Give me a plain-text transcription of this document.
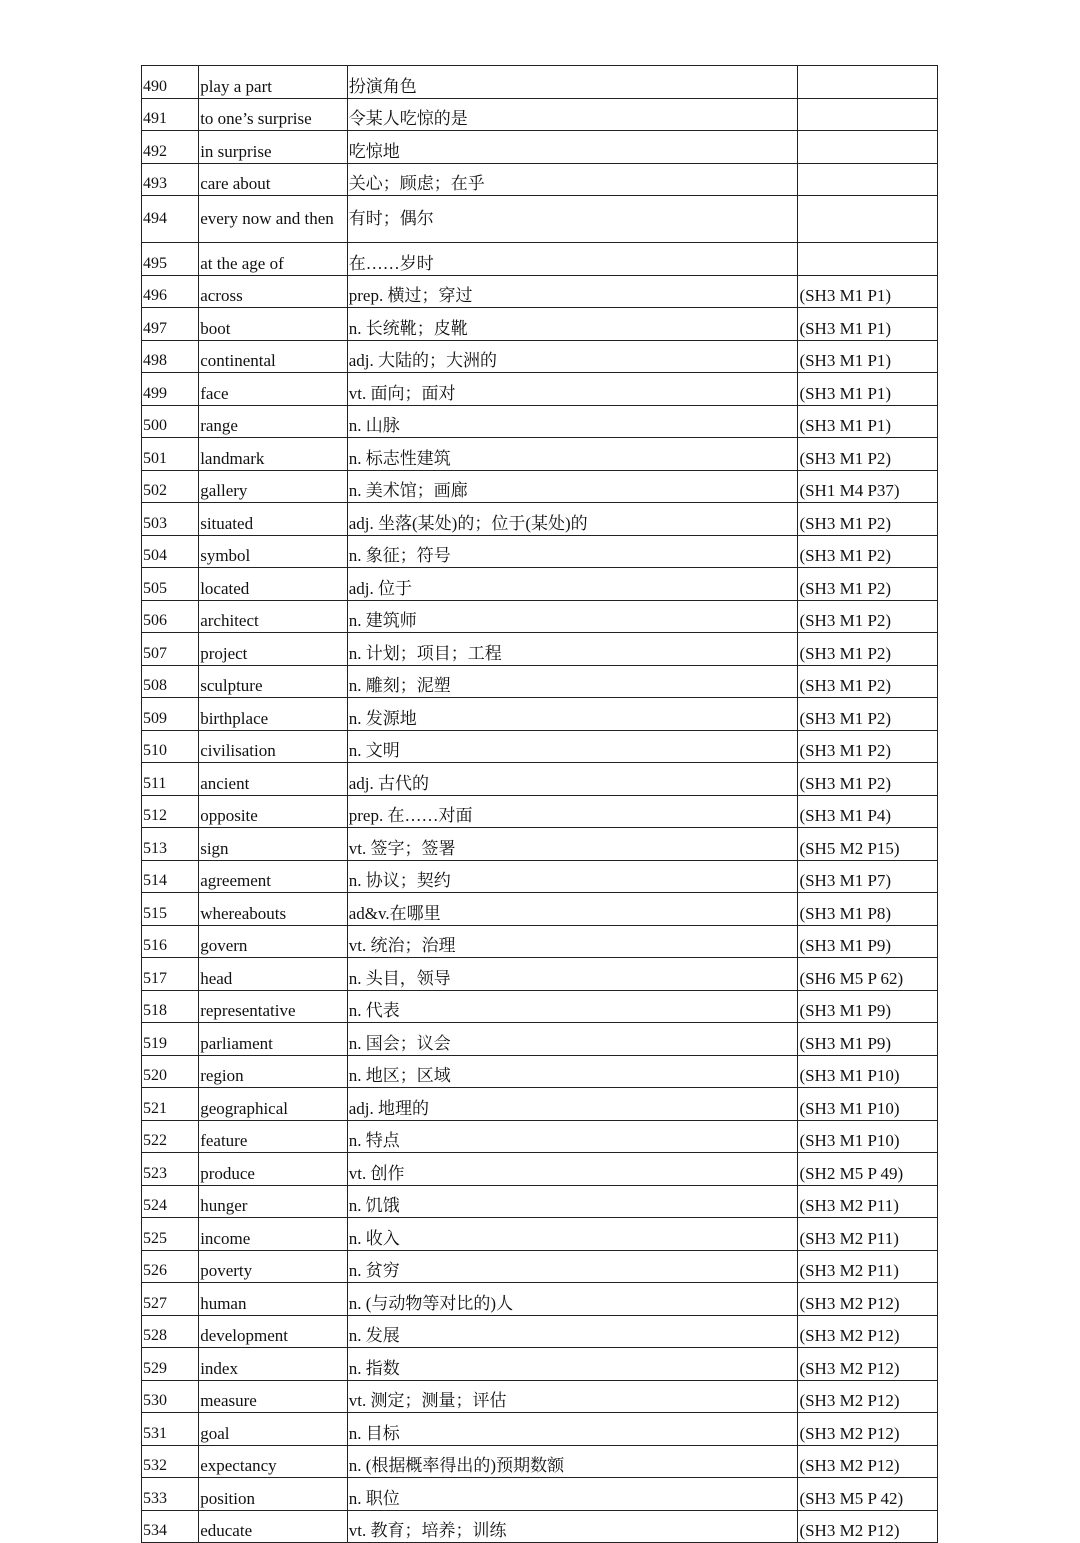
490	play a part	扮演角色	
491	to one’s surprise	令某人吃惊的是	
492	in surprise	吃惊地	
493	care about	关心；顾虑；在乎	
494	every now and then	有时；偶尔	
495	at the age of	在……岁时	
496	across	prep. 横过；穿过	(SH3 M1 P1)
497	boot	n. 长统靴；皮靴	(SH3 M1 P1)
498	continental	adj. 大陆的；大洲的	(SH3 M1 P1)
499	face	vt. 面向；面对	(SH3 M1 P1)
500	range	n. 山脉	(SH3 M1 P1)
501	landmark	n. 标志性建筑	(SH3 M1 P2)
502	gallery	n. 美术馆；画廊	(SH1 M4 P37)
503	situated	adj. 坐落(某处)的；位于(某处)的	(SH3 M1 P2)
504	symbol	n. 象征；符号	(SH3 M1 P2)
505	located	adj. 位于	(SH3 M1 P2)
506	architect	n. 建筑师	(SH3 M1 P2)
507	project	n. 计划；项目；工程	(SH3 M1 P2)
508	sculpture	n. 雕刻；泥塑	(SH3 M1 P2)
509	birthplace	n. 发源地	(SH3 M1 P2)
510	civilisation	n. 文明	(SH3 M1 P2)
511	ancient	adj. 古代的	(SH3 M1 P2)
512	opposite	prep. 在……对面	(SH3 M1 P4)
513	sign	vt. 签字；签署	(SH5 M2 P15)
514	agreement	n. 协议；契约	(SH3 M1 P7)
515	whereabouts	ad&v.在哪里	(SH3 M1 P8)
516	govern	vt. 统治；治理	(SH3 M1 P9)
517	head	n. 头目，领导	(SH6 M5 P 62)
518	representative	n. 代表	(SH3 M1 P9)
519	parliament	n. 国会；议会	(SH3 M1 P9)
520	region	n. 地区；区域	(SH3 M1 P10)
521	geographical	adj. 地理的	(SH3 M1 P10)
522	feature	n. 特点	(SH3 M1 P10)
523	produce	vt. 创作	(SH2 M5 P 49)
524	hunger	n. 饥饿	(SH3 M2 P11)
525	income	n. 收入	(SH3 M2 P11)
526	poverty	n. 贫穷	(SH3 M2 P11)
527	human	n. (与动物等对比的)人	(SH3 M2 P12)
528	development	n. 发展	(SH3 M2 P12)
529	index	n. 指数	(SH3 M2 P12)
530	measure	vt. 测定；测量；评估	(SH3 M2 P12)
531	goal	n. 目标	(SH3 M2 P12)
532	expectancy	n. (根据概率得出的)预期数额	(SH3 M2 P12)
533	position	n. 职位	(SH3 M5 P 42)
534	educate	vt. 教育；培养；训练	(SH3 M2 P12)
